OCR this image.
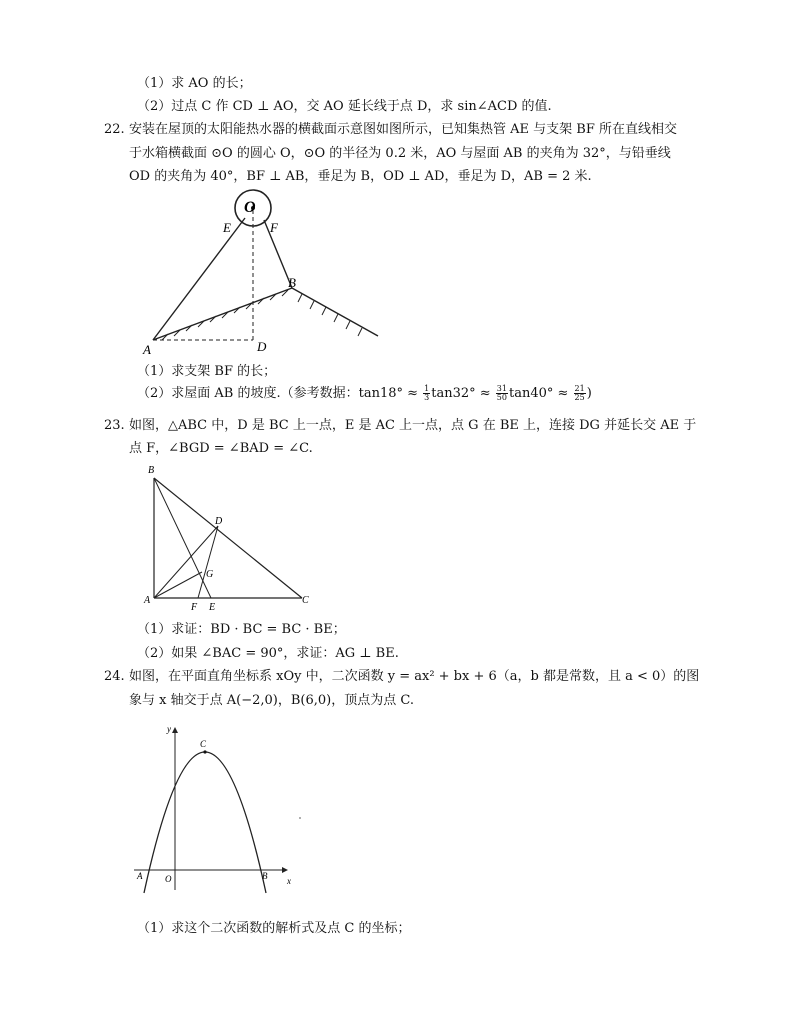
（1）求 AO 的长；
（2）过点 C 作 CD ⊥ AO，交 AO 延长线于点 D，求 sin∠ACD 的值.
22. 安装在屋顶的太阳能热水器的横截面示意图如图所示，已知集热管 AE 与支架 BF 所在直线相交
于水箱横截面 ⊙O 的圆心 O，⊙O 的半径为 0.2 米，AO 与屋面 AB 的夹角为 32°，与铅垂线
OD 的夹角为 40°，BF ⊥ AB，垂足为 B，OD ⊥ AD，垂足为 D，AB = 2 米.
O
E	F
B
A	D
（1）求支架 BF 的长；
（2）求屋面 AB 的坡度.（参考数据：$\tan 18^\circ \approx \frac{1}{3} \tan 32^\circ \approx \frac{31}{50} \tan 40^\circ \approx \frac{21}{25}$ )
23. 如图，△ABC 中，D 是 BC 上一点，E 是 AC 上一点，点 G 在 BE 上，连接 DG 并延长交 AE 于
点 F，∠BGD = ∠BAD = ∠C.
B
D
G
A
F E
C
（1）求证：BD · BC = BC · BE；
（2）如果 ∠BAC = 90°，求证：AG ⊥ BE.
24. 如图，在平面直角坐标系 xOy 中，二次函数 y = ax² + bx + 6（a，b 都是常数，且 a < 0）的图
象与 x 轴交于点 A(−2,0)，B(6,0)，顶点为点 C.
y
x
O
A	B
C
（1）求这个二次函数的解析式及点 C 的坐标；
